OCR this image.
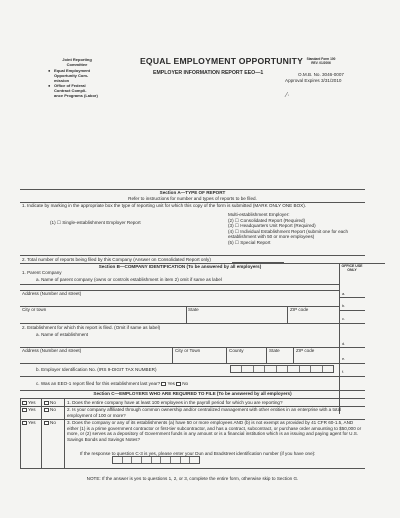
Joint Reporting
Committee
● Equal Employment
Opportunity Com-
mission
● Office of Federal
Contract Compli-
ance Programs (Labor)
EQUAL EMPLOYMENT OPPORTUNITY
EMPLOYER INFORMATION REPORT EEO—1
Standard Form 100
REV. 01/2006
O.M.B. No. 3046-0007
Approval Expires 3/31/2010
⁄·
Section A—TYPE OF REPORT
Refer to instructions for number and types of reports to be filed.
1. Indicate by marking in the appropriate box the type of reporting unit for which this copy of the form is submitted (MARK ONLY ONE BOX).
(1) ☐ Single-establishment Employer Report
Multi-establishment Employer:
(2) ☐ Consolidated Report (Required)
(3) ☐ Headquarters Unit Report (Required)
(4) ☐ Individual Establishment Report (submit one for each establishment with 50 or more employees)
(5) ☐ Special Report
2. Total number of reports being filed by this Company (Answer on Consolidated Report only)
Section B—COMPANY IDENTIFICATION (To be answered by all employers)	OFFICE USE ONLY
1. Parent Company
a. Name of parent company (owns or controls establishment in item 2) omit if same as label
a.
Address (Number and street)
b.
City or town	State	ZIP code
c.
2. Establishment for which this report is filed. (Omit if same as label)
a. Name of establishment
d.
Address (Number and street)	City or Town	County	State	ZIP code
e.
b. Employer Identification No. (IRS 9-DIGIT TAX NUMBER)	f.
c. Was an EEO-1 report filed for this establishment last year? Yes No
Section C—EMPLOYERS WHO ARE REQUIRED TO FILE (To be answered by all employers)
Yes	No 1. Does the entire company have at least 100 employees in the payroll period for which you are reporting?
Yes	No 2. Is your company affiliated through common ownership and/or centralized management with other entities in an enterprise with a total employment of 100 or more?
Yes	No 3. Does the company or any of its establishments (a) have 50 or more employees AND (b) is not exempt as provided by 41 CFR 60-1.5, AND either (1) is a prime government contractor or first-tier subcontractor, and has a contract, subcontract, or purchase order amounting to $50,000 or more, or (2) serves as a depository of Government funds in any amount or is a financial institution which is an issuing and paying agent for U.S. Savings Bonds and Savings Notes?
If the response to question C-3 is yes, please enter your Dun and Bradstreet identification number (if you have one):
NOTE: If the answer is yes to questions 1, 2, or 3, complete the entire form, otherwise skip to Section G.
